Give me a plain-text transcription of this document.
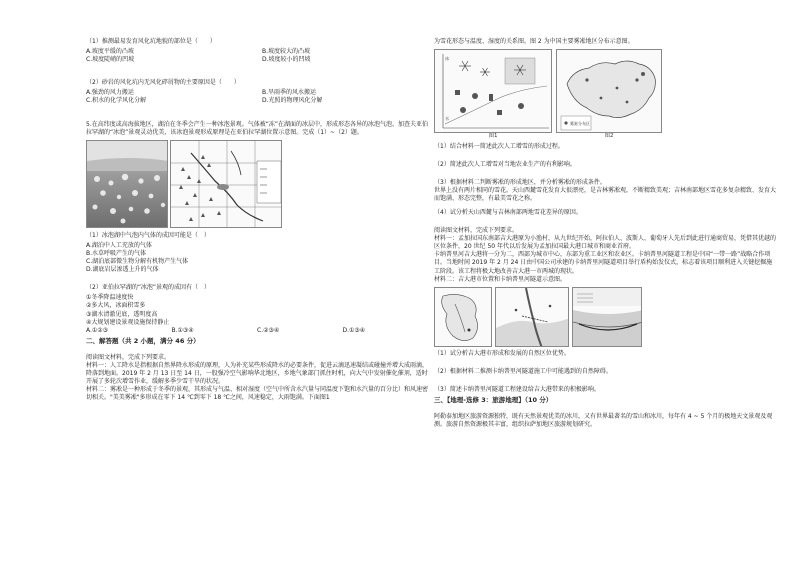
（1）推测最易发育风化坑地貌的部位是（　　）

A.坡度平缓的凸坡	B.坡度较大的凸坡
C.坡度陡峭的凹坡	D.坡度较小的凹坡

（2）砂岩的风化坑内无风化碎屑物的主要原因是（　　）

A.强劲的风力搬运	B.旱雨季的风水搬运
C.积水的化学风化分解	D.光照的物理风化分解

5.在高纬度或高海拔地区，湖泊在冬季会产生一种冰泡景观。气体被“冻”在湖面的冰层中，形成形态各异的冰泡气泡。加查夫亚伯拉罕湖的“冰泡”景观灵动优美，该冰泡景观形成原理是在亚伯拉罕湖位置示意图。完成（1）~（2）题。

（1）冰泡湖中气泡内气体的成因可能是（　）

A.湖泊中人工充放的气体

B.水草呼吸产生的气体

C.湖泊底部微生物分解有机物产生气体

D.湖底岩层渗透上升的气体

（2）亚伯拉罕湖的“冰泡”景观的成因有（　）

①冬季降温速度快

②多大风，冰面积雪多

③湖水清澈见底，透明度高

④大规划建设景观设施保持静止

A.①②③	B.①③④	C.②③④	D.①③④

二、解答题（共 2 小题，满分 46 分）

阅读图文材料，完成下列要求。

材料一：人工降水是指根据自然界降水形成的原理，人为补充某些形成降水的必要条件，促进云滴迅速凝结或碰撞并增大成雨滴，降落到地面。2019 年 2 月 13 日至 14 日，一股强冷空气影响华北地区，乡地气象部门抓住时机，向大气中发射催化催剂，适时开展了多轮次增雪作业，缓解多季少雪干旱的状况。

材料二：雾凇是一种形成于冬季的景观，其形成与气温、相对湿度（空气中所含水汽量与同温度下饱和水汽量的百分比）和风速密切相关。"美美雾凇"多形成在零下 14 ℃到零下 18 ℃之间，风速稳定，大雨饱满。下面图1

为雪花形态与温度、湿度的关系图。图 2 为中国主要雾凇地区分布示意图。

冰
水

图1

雾凇分布区

图2

（1）结合材料一简述此次人工增雪的形成过程。

（2）简述此次人工增雪对当地农业生产的有利影响。

（3）根据材料二判断雾凇的形成地区，并分析雾凇的形成条件。

世界上没有两片相同的雪花。天山西麓雪花发育大很漂亮，是吉林雾凇观，不断精致美观；吉林南部地区雪花多复杂精致、发育大而饱满、形态完整，有最美雪花之称。

（4）试分析天山西麓与吉林南部两地雪花差异的原因。

阅读图文材料，完成下列要求。

材料一：孟加拉国东南部吉大港原为小渔村，从九世纪开始，阿拉伯人、波斯人、葡萄牙人先后到此进行通商贸易，凭借其优越的区位条件，20 世纪 50 年代以后发展为孟加拉国最大港口城市和商业首府。

卡纳普里河吉大港将一分为二，西部为城市中心，东部为重工业区和农业区。卡纳普里河隧道工程是中国“一带一路”战略合作项目。当地时间 2019 年 2 月 24 日由中国公司承建的卡纳普里河隧道项目举行盾构始发仪式，标志着该项目顺利进入关键挖掘施工阶段。该工程将极大地改善吉大港一市两城的现状。

材料二：吉大港市位置和卡纳普里河隧道示意图。

（1）试分析吉大港市形成和发展的自然区位优势。

（2）根据材料二推测卡纳普里河隧道施工中可能遇到的自然障碍。

（3）简述卡纳普里河隧道工程建设给吉大港带来的积极影响。

三、【地理-选修 3：旅游地理】（10 分）

阿勒泰加地区旅游资源独特，既有天然景观优美的冰川，又有世界最著名的雪山和冰川，每年有 4 ~ 5 个月的极地天文景观及观测。旅游自然资源极其丰富，组织拉萨加地区旅游规划研究。
